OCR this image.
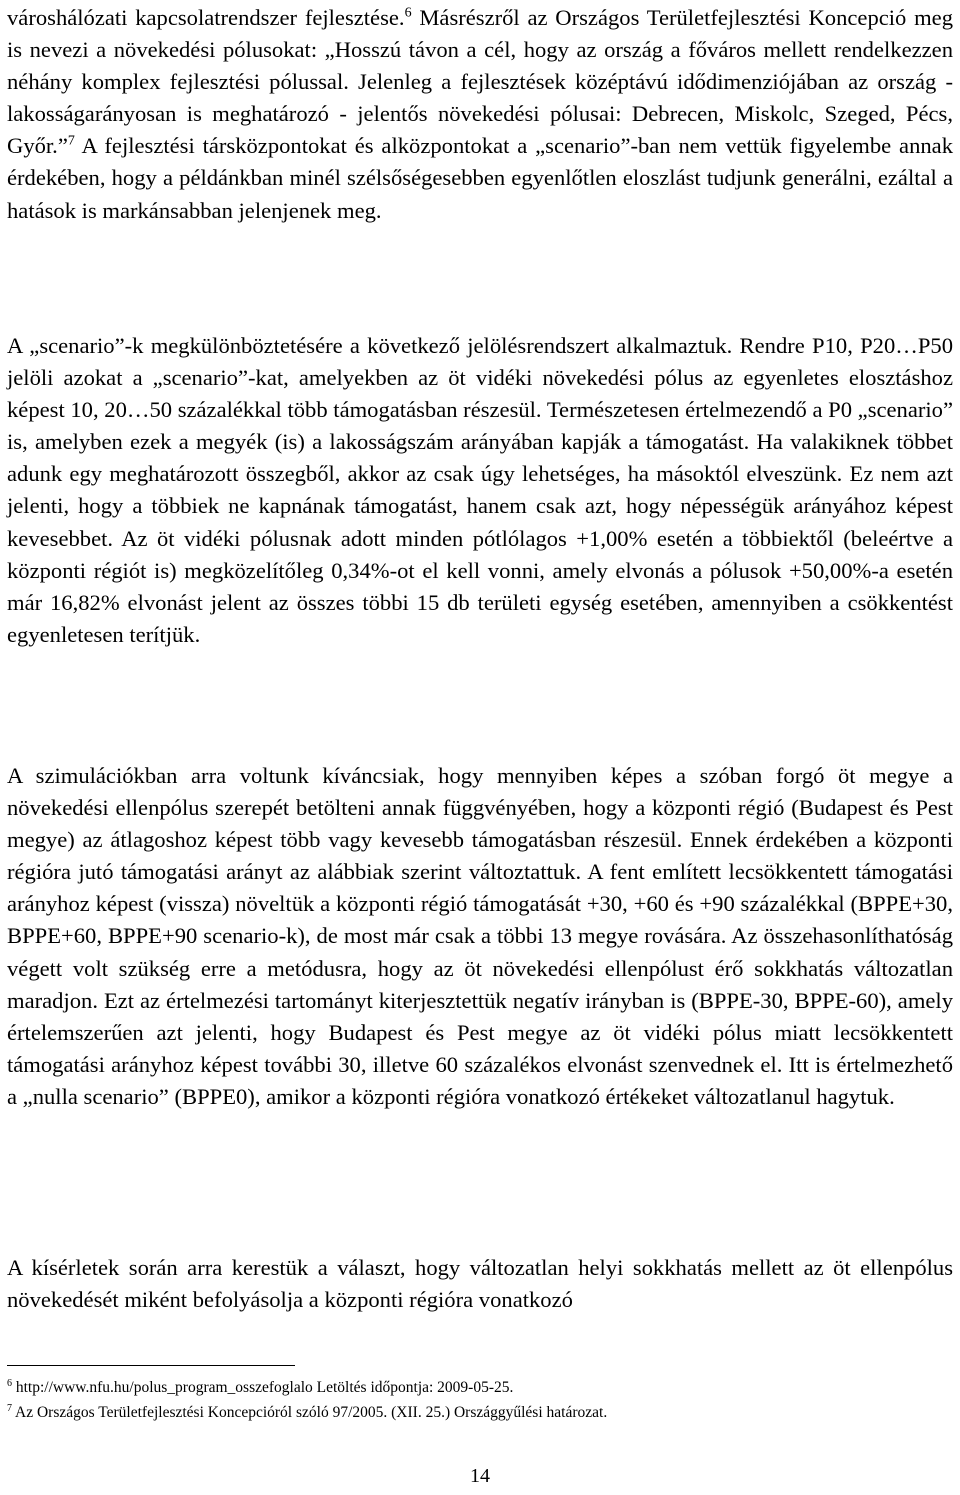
városhálózati kapcsolatrendszer fejlesztése.$^6$ Másrészről az Országos Területfejlesztési Koncepció meg is nevezi a növekedési pólusokat: „Hosszú távon a cél, hogy az ország a főváros mellett rendelkezzen néhány komplex fejlesztési pólussal. Jelenleg a fejlesztések középtávú idődimenziójában az ország - lakosságarányosan is meghatározó - jelentős növekedési pólusai: Debrecen, Miskolc, Szeged, Pécs, Győr.”$^7$ A fejlesztési társközpontokat és alközpontokat a „scenario”-ban nem vettük figyelembe annak érdekében, hogy a példánkban minél szélsőségesebben egyenlőtlen eloszlást tudjunk generálni, ezáltal a hatások is markánsabban jelenjenek meg.

A „scenario”-k megkülönböztetésére a következő jelölésrendszert alkalmaztuk. Rendre P10, P20…P50 jelöli azokat a „scenario”-kat, amelyekben az öt vidéki növekedési pólus az egyenletes elosztáshoz képest 10, 20…50 százalékkal több támogatásban részesül. Természetesen értelmezendő a P0 „scenario” is, amelyben ezek a megyék (is) a lakosságszám arányában kapják a támogatást. Ha valakiknek többet adunk egy meghatározott összegből, akkor az csak úgy lehetséges, ha másoktól elveszünk. Ez nem azt jelenti, hogy a többiek ne kapnának támogatást, hanem csak azt, hogy népességük arányához képest kevesebbet. Az öt vidéki pólusnak adott minden pótlólagos +1,00% esetén a többiektől (beleértve a központi régiót is) megközelítőleg 0,34%-ot el kell vonni, amely elvonás a pólusok +50,00%-a esetén már 16,82% elvonást jelent az összes többi 15 db területi egység esetében, amennyiben a csökkentést egyenletesen terítjük.

A szimulációkban arra voltunk kíváncsiak, hogy mennyiben képes a szóban forgó öt megye a növekedési ellenpólus szerepét betölteni annak függvényében, hogy a központi régió (Budapest és Pest megye) az átlagoshoz képest több vagy kevesebb támogatásban részesül. Ennek érdekében a központi régióra jutó támogatási arányt az alábbiak szerint változtattuk. A fent említett lecsökkentett támogatási arányhoz képest (vissza) növeltük a központi régió támogatását +30, +60 és +90 százalékkal (BPPE+30, BPPE+60, BPPE+90 scenario-k), de most már csak a többi 13 megye rovására. Az összehasonlíthatóság végett volt szükség erre a metódusra, hogy az öt növekedési ellenpólust érő sokkhatás változatlan maradjon. Ezt az értelmezési tartományt kiterjesztettük negatív irányban is (BPPE-30, BPPE-60), amely értelemszerűen azt jelenti, hogy Budapest és Pest megye az öt vidéki pólus miatt lecsökkentett támogatási arányhoz képest további 30, illetve 60 százalékos elvonást szenvednek el. Itt is értelmezhető a „nulla scenario” (BPPE0), amikor a központi régióra vonatkozó értékeket változatlanul hagytuk.

A kísérletek során arra kerestük a választ, hogy változatlan helyi sokkhatás mellett az öt ellenpólus növekedését miként befolyásolja a központi régióra vonatkozó

$^6$ http://www.nfu.hu/polus_program_osszefoglalo Letöltés időpontja: 2009-05-25.
$^7$ Az Országos Területfejlesztési Koncepcióról szóló 97/2005. (XII. 25.) Országgyűlési határozat.
14
